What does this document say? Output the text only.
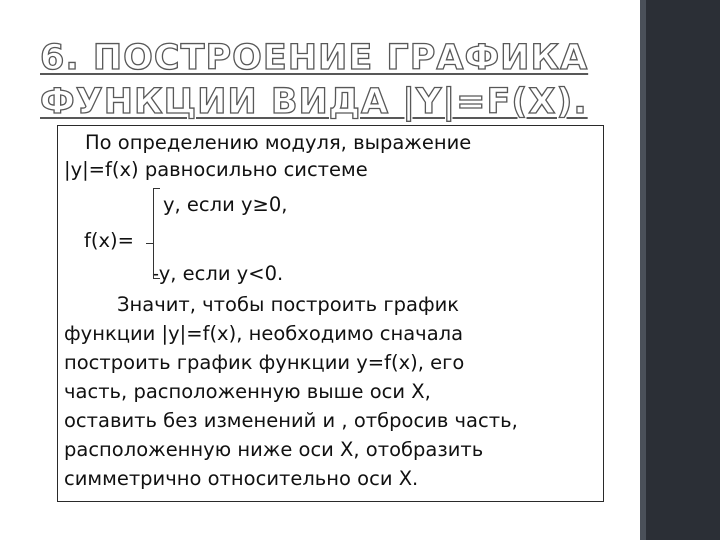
6. ПОСТРОЕНИЕ ГРАФИКА
ФУНКЦИИ ВИДА |Y|=F(X).

По определению модуля, выражение

|y|=f(x) равносильно системе

y, если y≥0,

f(x)=

-y, если y<0.

Значит, чтобы построить график

функции |y|=f(x), необходимо сначала

построить график функции y=f(x), его

часть, расположенную выше оси X,

оставить без изменений и , отбросив часть,

расположенную ниже оси X, отобразить

симметрично относительно оси X.
